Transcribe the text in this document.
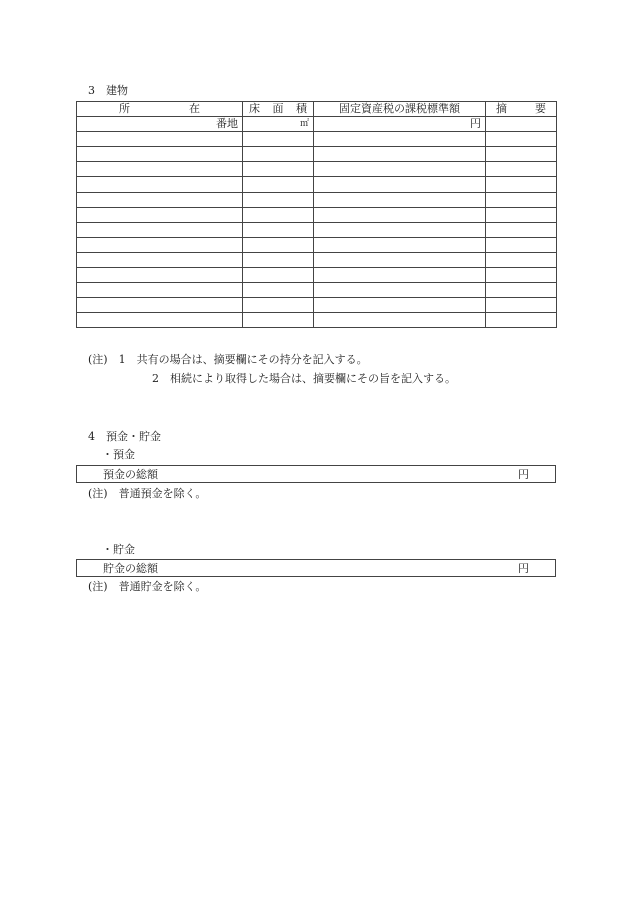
3　建物
所 在	床 面 積	固定資産税の課税標準額	摘 要

番地	㎡	円	

(注)　1　共有の場合は、摘要欄にその持分を記入する。
2　相続により取得した場合は、摘要欄にその旨を記入する。
4　預金・貯金
・預金
預金の総額	円
(注)　普通預金を除く。
・貯金
貯金の総額	円
(注)　普通貯金を除く。
